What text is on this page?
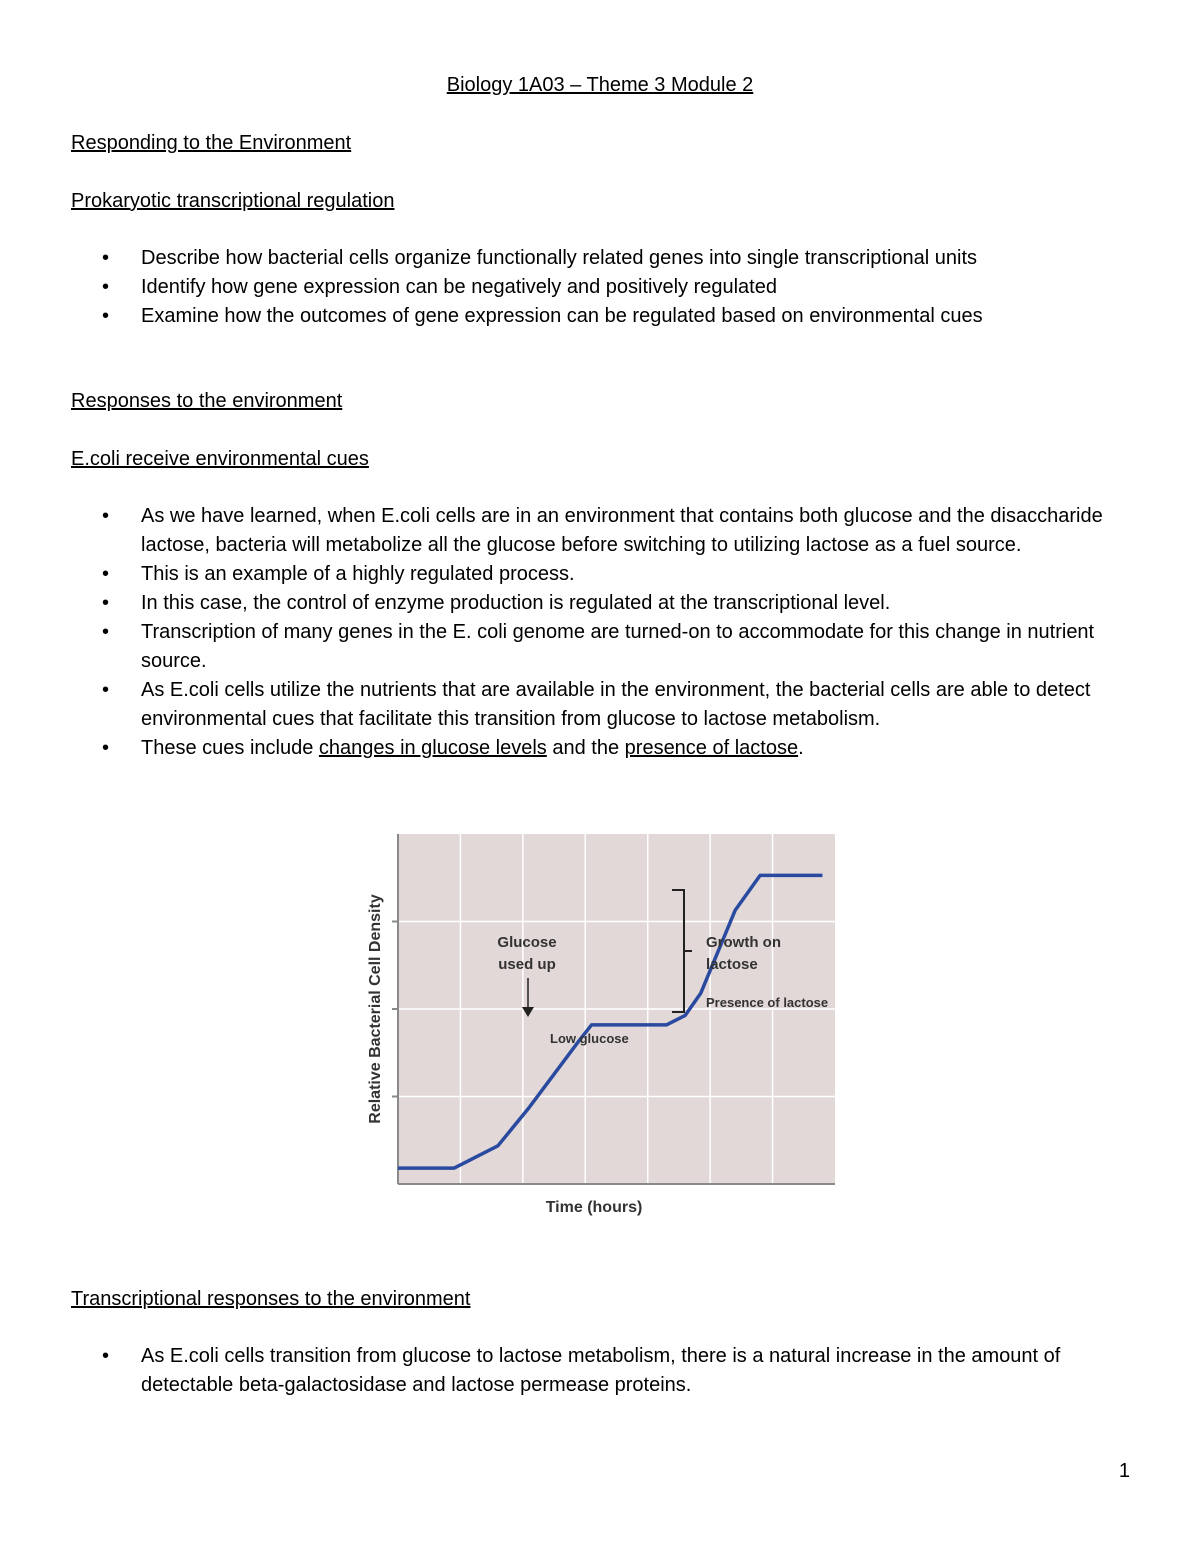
Biology 1A03 – Theme 3 Module 2
Responding to the Environment
Prokaryotic transcriptional regulation
• Describe how bacterial cells organize functionally related genes into single transcriptional units
• Identify how gene expression can be negatively and positively regulated
• Examine how the outcomes of gene expression can be regulated based on environmental cues
Responses to the environment
E.coli receive environmental cues
• As we have learned, when E.coli cells are in an environment that contains both glucose and the disaccharide lactose, bacteria will metabolize all the glucose before switching to utilizing lactose as a fuel source.
• This is an example of a highly regulated process.
• In this case, the control of enzyme production is regulated at the transcriptional level.
• Transcription of many genes in the E. coli genome are turned-on to accommodate for this change in nutrient source.
• As E.coli cells utilize the nutrients that are available in the environment, the bacterial cells are able to detect environmental cues that facilitate this transition from glucose to lactose metabolism.
• These cues include changes in glucose levels and the presence of lactose.
Time (hours)
Relative Bacterial Cell Density	Glucose
used up
Low glucose
Growth on
lactose
Presence of lactose
Transcriptional responses to the environment
• As E.coli cells transition from glucose to lactose metabolism, there is a natural increase in the amount of detectable beta-galactosidase and lactose permease proteins.
1
